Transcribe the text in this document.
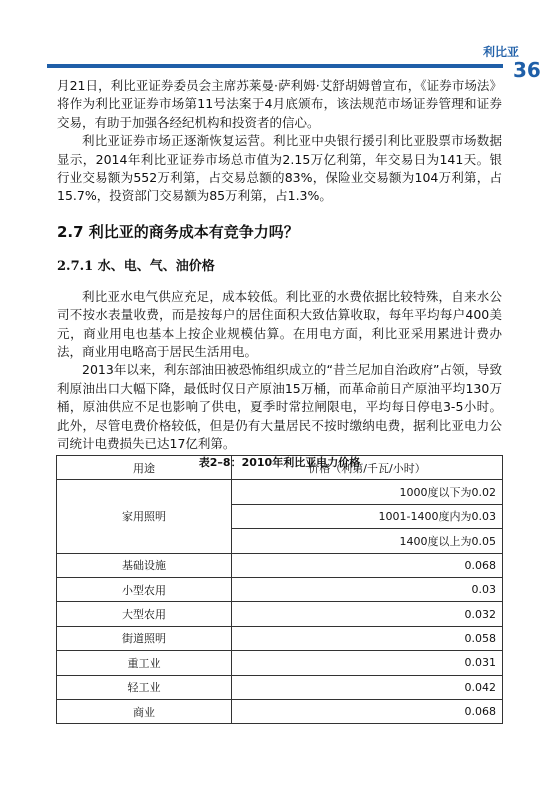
利比亚
36

月21日，利比亚证券委员会主席苏莱曼·萨利姆·艾舒胡姆曾宣布，《证券市场法》将作为利比亚证券市场第11号法案于4月底颁布，该法规范市场证券管理和证券交易，有助于加强各经纪机构和投资者的信心。

利比亚证券市场正逐渐恢复运营。利比亚中央银行援引利比亚股票市场数据显示，2014年利比亚证券市场总市值为2.15万亿利第，年交易日为141天。银行业交易额为552万利第，占交易总额的83%，保险业交易额为104万利第，占15.7%，投资部门交易额为85万利第，占1.3%。

2.7 利比亚的商务成本有竞争力吗？
2.7.1 水、电、气、油价格

利比亚水电气供应充足，成本较低。利比亚的水费依据比较特殊，自来水公司不按水表量收费，而是按每户的居住面积大致估算收取，每年平均每户400美元，商业用电也基本上按企业规模估算。在用电方面，利比亚采用累进计费办法，商业用电略高于居民生活用电。

2013年以来，利东部油田被恐怖组织成立的“昔兰尼加自治政府”占领，导致利原油出口大幅下降，最低时仅日产原油15万桶，而革命前日产原油平均130万桶，原油供应不足也影响了供电，夏季时常拉闸限电，平均每日停电3-5小时。此外，尽管电费价格较低，但是仍有大量居民不按时缴纳电费，据利比亚电力公司统计电费损失已达17亿利第。

表2–8：2010年利比亚电力价格
用途	价格（利第/千瓦/小时）
家用照明	1000度以下为0.02
	1001-1400度内为0.03
	1400度以上为0.05
基础设施	0.068
小型农用	0.03
大型农用	0.032
街道照明	0.058
重工业	0.031
轻工业	0.042
商业	0.068
